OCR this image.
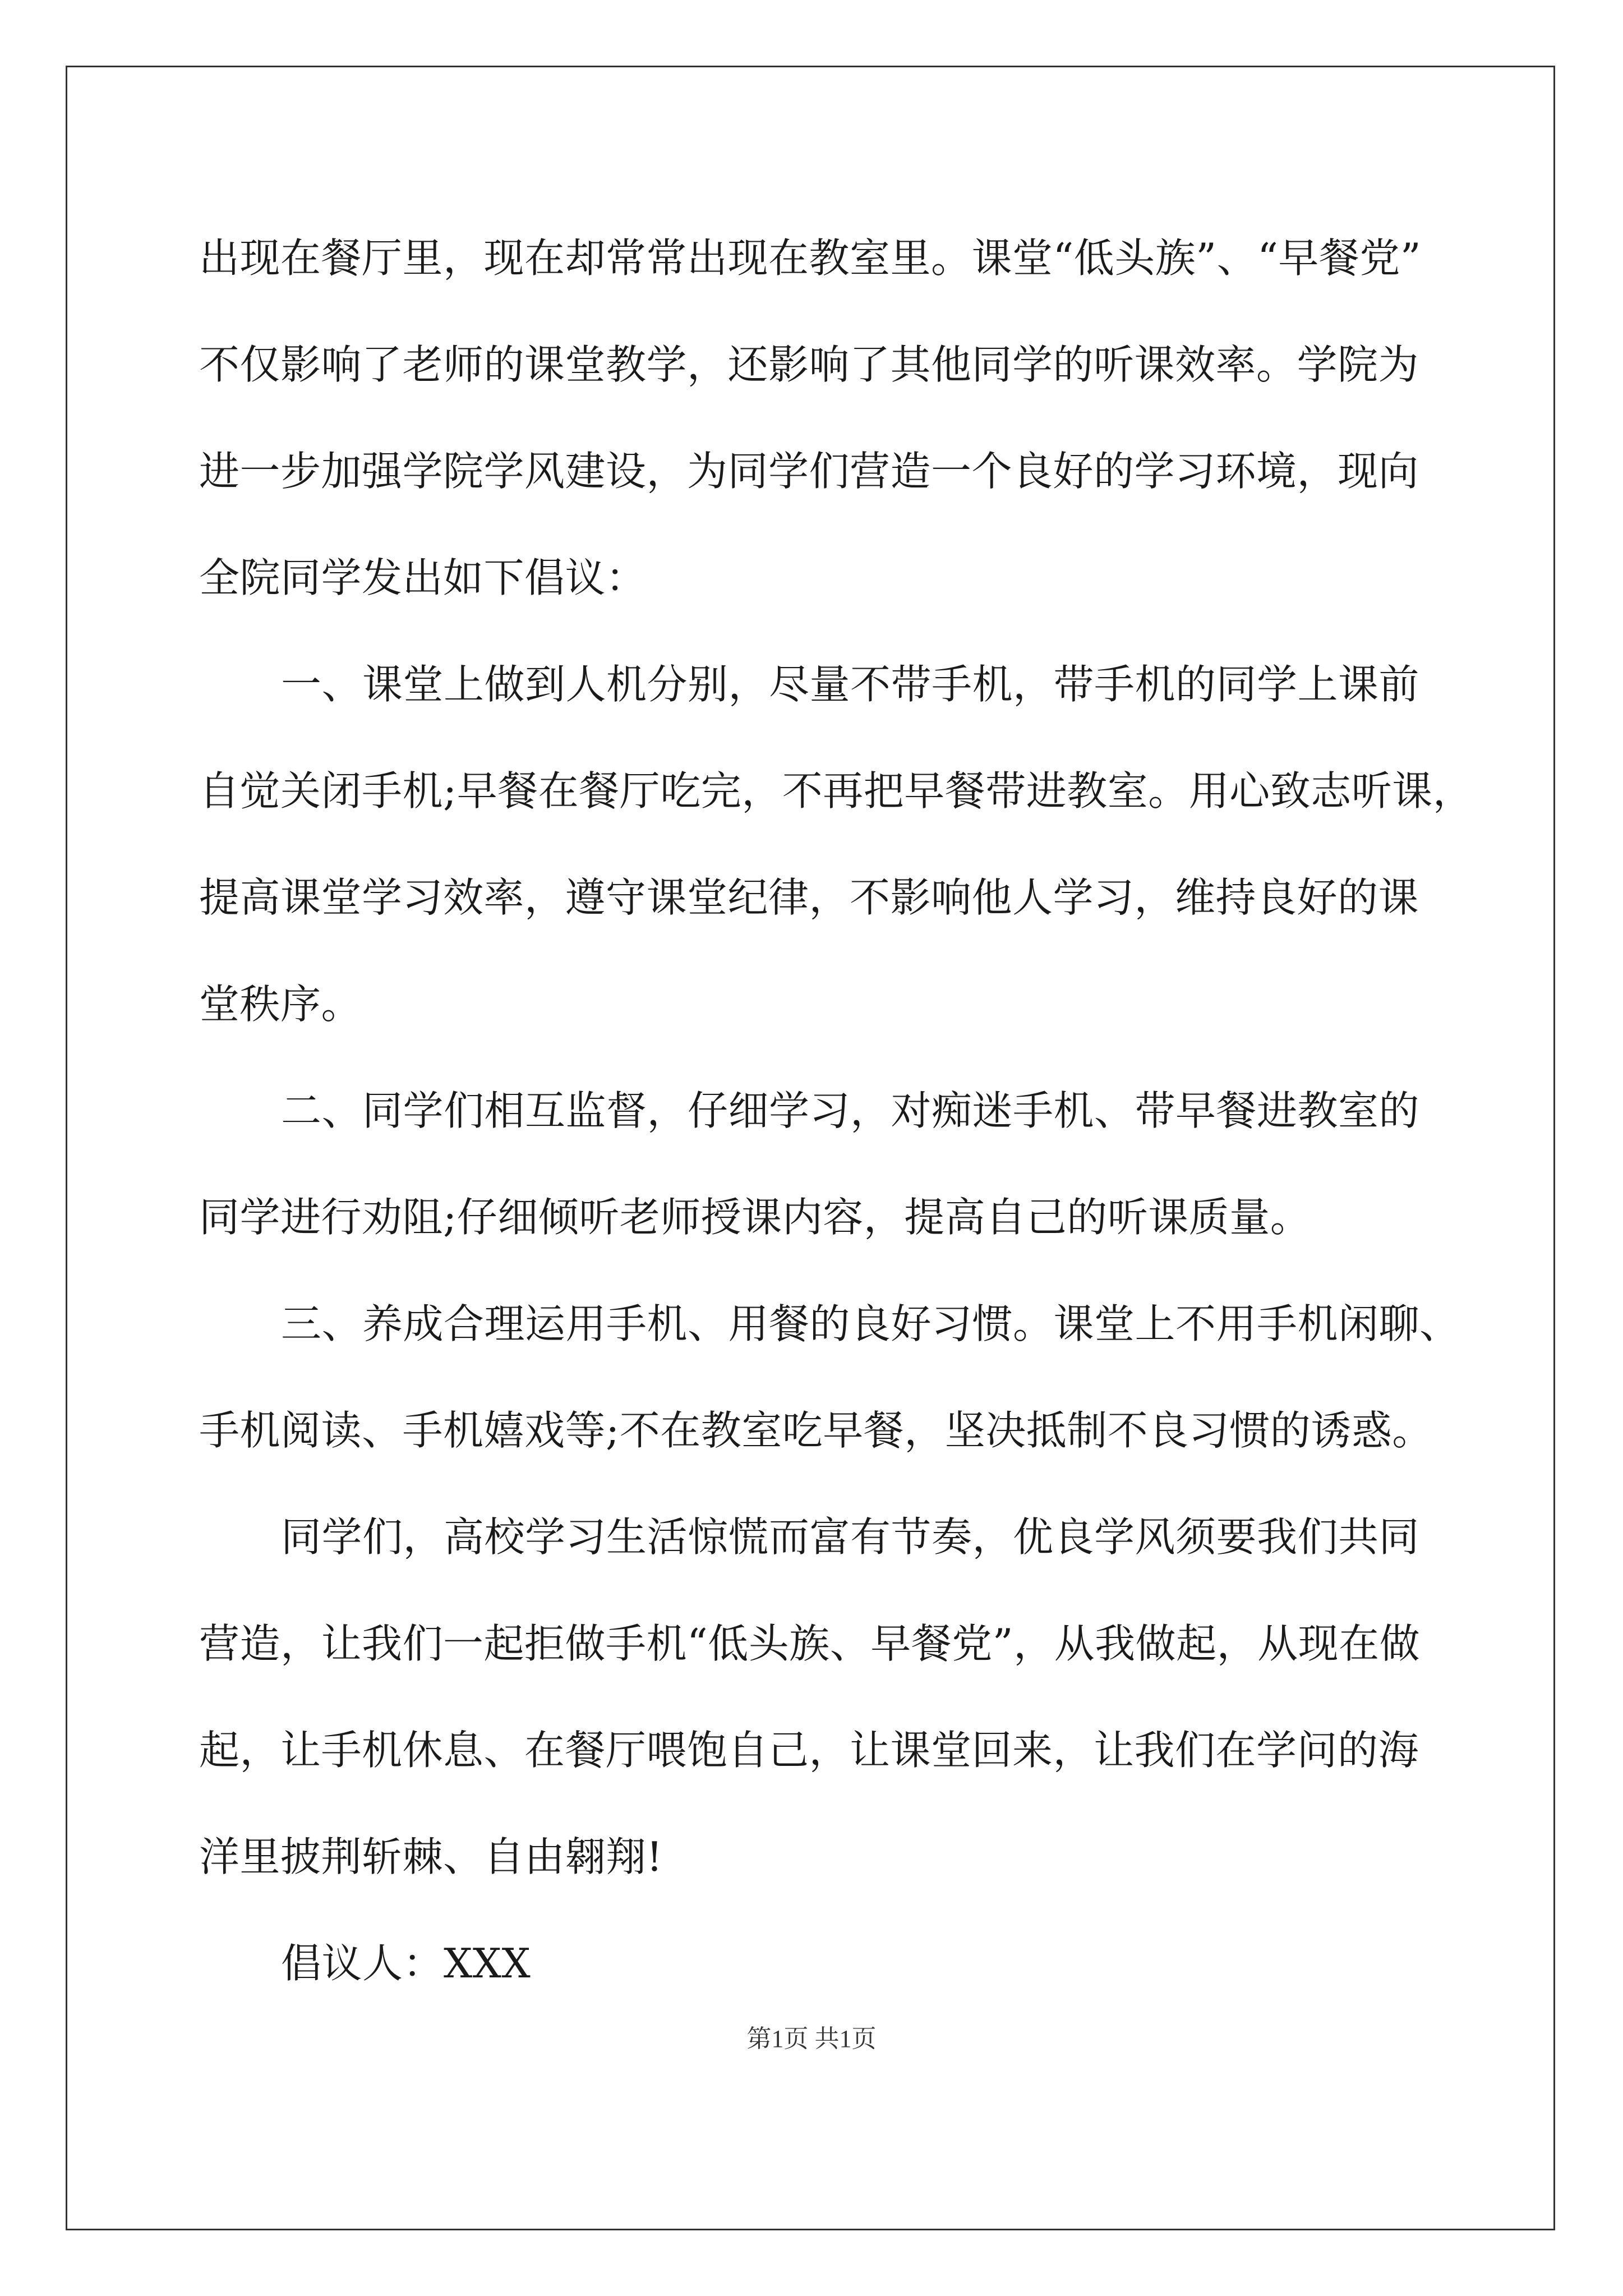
出现在餐厅里，现在却常常出现在教室里。课堂“低头族”、“早餐党”
不仅影响了老师的课堂教学，还影响了其他同学的听课效率。学院为
进一步加强学院学风建设，为同学们营造一个良好的学习环境，现向
全院同学发出如下倡议：
一、课堂上做到人机分别，尽量不带手机，带手机的同学上课前
自觉关闭手机;早餐在餐厅吃完，不再把早餐带进教室。用心致志听课，
提高课堂学习效率，遵守课堂纪律，不影响他人学习，维持良好的课
堂秩序。
二、同学们相互监督，仔细学习，对痴迷手机、带早餐进教室的
同学进行劝阻;仔细倾听老师授课内容，提高自己的听课质量。
三、养成合理运用手机、用餐的良好习惯。课堂上不用手机闲聊、
手机阅读、手机嬉戏等;不在教室吃早餐，坚决抵制不良习惯的诱惑。
同学们，高校学习生活惊慌而富有节奏，优良学风须要我们共同
营造，让我们一起拒做手机“低头族、早餐党”，从我做起，从现在做
起，让手机休息、在餐厅喂饱自己，让课堂回来，让我们在学问的海
洋里披荆斩棘、自由翱翔!
倡议人：XXX
第1页 共1页
